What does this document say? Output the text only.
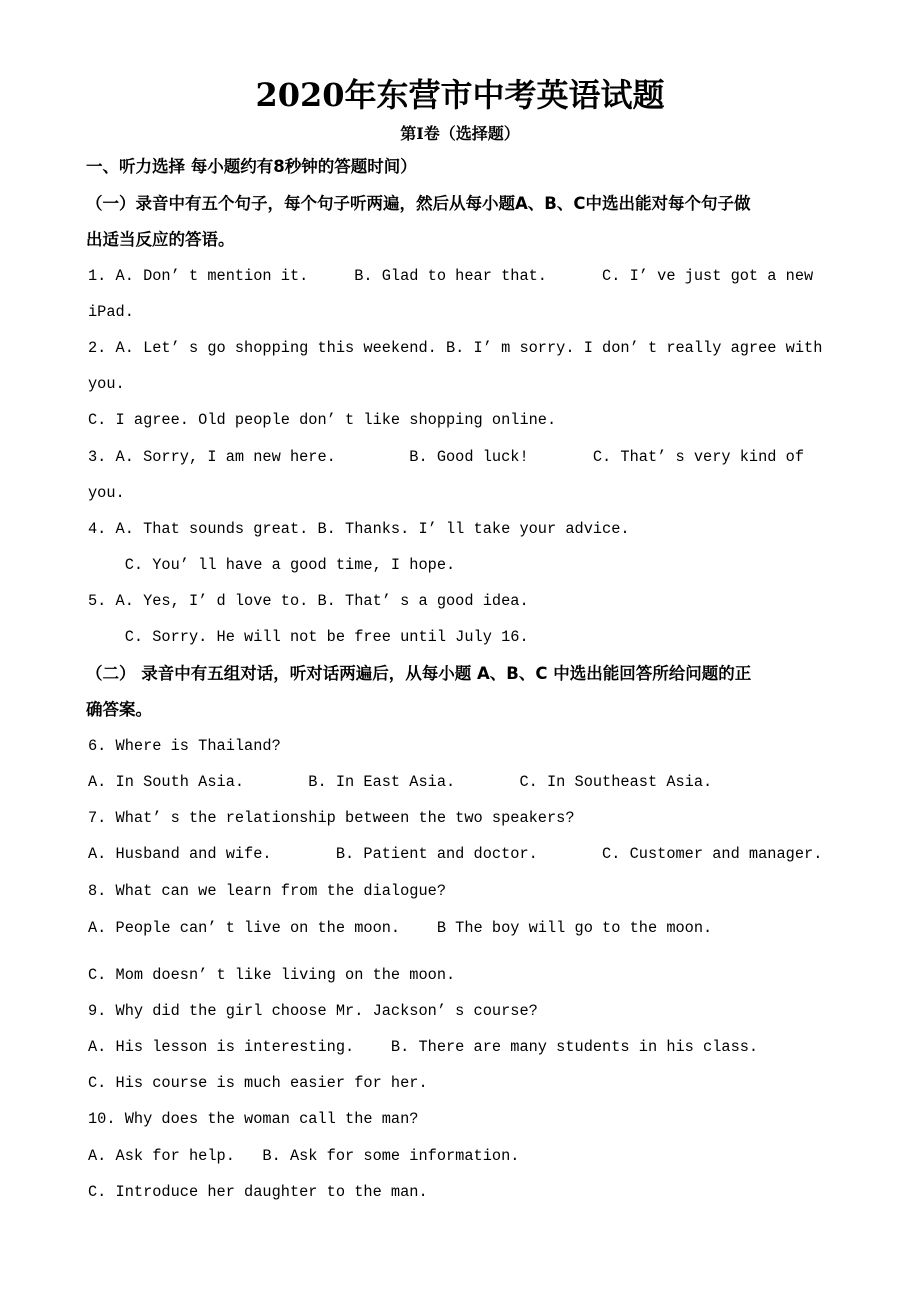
2020年东营市中考英语试题
第I卷（选择题）
一、听力选择 每小题约有8秒钟的答题时间）
（一）录音中有五个句子，每个句子听两遍，然后从每小题A、B、C中选出能对每个句子做
出适当反应的答语。
1. A. Don’ t mention it.     B. Glad to hear that.      C. I’ ve just got a new
iPad.
2. A. Let’ s go shopping this weekend. B. I’ m sorry. I don’ t really agree with
you.
C. I agree. Old people don’ t like shopping online.
3. A. Sorry, I am new here.        B. Good luck!       C. That’ s very kind of
you.
4. A. That sounds great. B. Thanks. I’ ll take your advice.
C. You’ ll have a good time, I hope.
5. A. Yes, I’ d love to. B. That’ s a good idea.
C. Sorry. He will not be free until July 16.
（二） 录音中有五组对话，听对话两遍后，从每小题 A、B、C 中选出能回答所给问题的正
确答案。
6. Where is Thailand?
A. In South Asia.       B. In East Asia.       C. In Southeast Asia.
7. What’ s the relationship between the two speakers?
A. Husband and wife.       B. Patient and doctor.       C. Customer and manager.
8. What can we learn from the dialogue?
A. People can’ t live on the moon.    B The boy will go to the moon.
C. Mom doesn’ t like living on the moon.
9. Why did the girl choose Mr. Jackson’ s course?
A. His lesson is interesting.    B. There are many students in his class.
C. His course is much easier for her.
10. Why does the woman call the man?
A. Ask for help.   B. Ask for some information.
C. Introduce her daughter to the man.
